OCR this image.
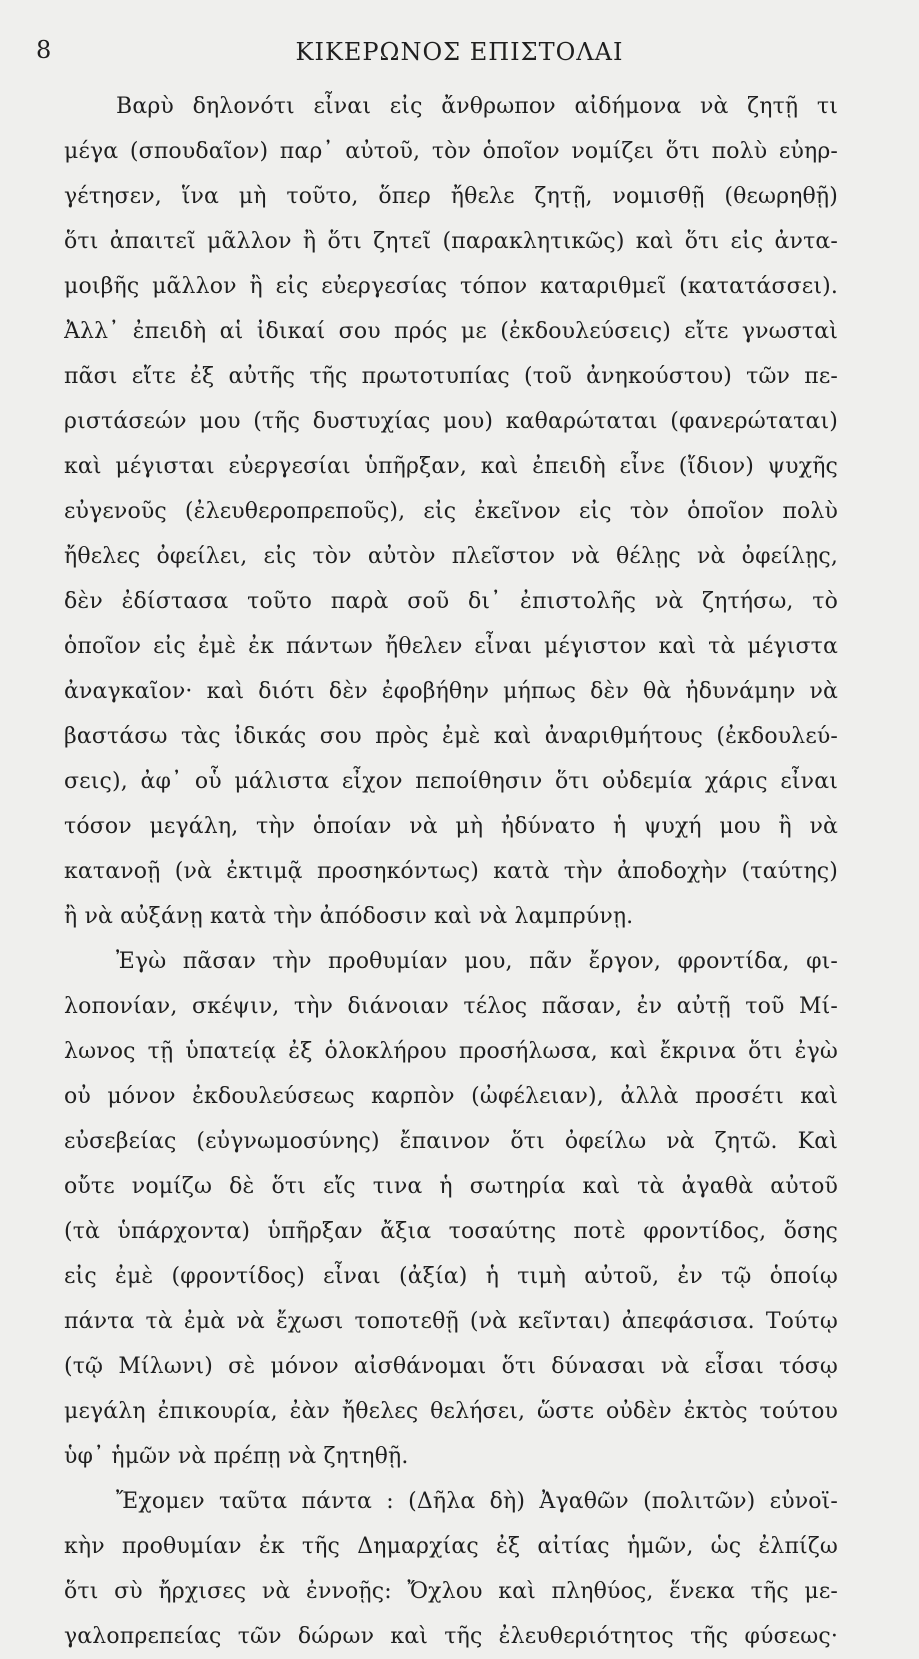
8	ΚΙΚΕΡΩΝΟΣ ΕΠΙΣΤΟΛΑΙ
Βαρὺ δηλονότι εἶναι εἰς ἄνθρωπον αἰδήμονα νὰ ζητῇ τι
μέγα (σπουδαῖον) παρ᾽ αὐτοῦ, τὸν ὁποῖον νομίζει ὅτι πολὺ εὐηρ-
γέτησεν, ἵνα μὴ τοῦτο, ὅπερ ἤθελε ζητῇ, νομισθῇ (θεωρηθῇ)
ὅτι ἀπαιτεῖ μᾶλλον ἢ ὅτι ζητεῖ (παρακλητικῶς) καὶ ὅτι εἰς ἀντα-
μοιβῆς μᾶλλον ἢ εἰς εὐεργεσίας τόπον καταριθμεῖ (κατατάσσει).
Ἀλλ᾽ ἐπειδὴ αἱ ἰδικαί σου πρός με (ἐκδουλεύσεις) εἴτε γνωσταὶ
πᾶσι εἴτε ἐξ αὐτῆς τῆς πρωτοτυπίας (τοῦ ἀνηκούστου) τῶν πε-
ριστάσεών μου (τῆς δυστυχίας μου) καθαρώταται (φανερώταται)
καὶ μέγισται εὐεργεσίαι ὑπῆρξαν, καὶ ἐπειδὴ εἶνε (ἴδιον) ψυχῆς
εὐγενοῦς (ἐλευθεροπρεποῦς), εἰς ἐκεῖνον εἰς τὸν ὁποῖον πολὺ
ἤθελες ὀφείλει, εἰς τὸν αὐτὸν πλεῖστον νὰ θέλῃς νὰ ὀφείλῃς,
δὲν ἐδίστασα τοῦτο παρὰ σοῦ δι᾽ ἐπιστολῆς νὰ ζητήσω, τὸ
ὁποῖον εἰς ἐμὲ ἐκ πάντων ἤθελεν εἶναι μέγιστον καὶ τὰ μέγιστα
ἀναγκαῖον· καὶ διότι δὲν ἐφοβήθην μήπως δὲν θὰ ἠδυνάμην νὰ
βαστάσω τὰς ἰδικάς σου πρὸς ἐμὲ καὶ ἀναριθμήτους (ἐκδουλεύ-
σεις), ἀφ᾽ οὗ μάλιστα εἶχον πεποίθησιν ὅτι οὐδεμία χάρις εἶναι
τόσον μεγάλη, τὴν ὁποίαν νὰ μὴ ἠδύνατο ἡ ψυχή μου ἢ νὰ
κατανοῇ (νὰ ἐκτιμᾷ προσηκόντως) κατὰ τὴν ἀποδοχὴν (ταύτης)
ἢ νὰ αὐξάνῃ κατὰ τὴν ἀπόδοσιν καὶ νὰ λαμπρύνῃ.
Ἐγὼ πᾶσαν τὴν προθυμίαν μου, πᾶν ἔργον, φροντίδα, φι-
λοπονίαν, σκέψιν, τὴν διάνοιαν τέλος πᾶσαν, ἐν αὐτῇ τοῦ Μί-
λωνος τῇ ὑπατείᾳ ἐξ ὁλοκλήρου προσήλωσα, καὶ ἔκρινα ὅτι ἐγὼ
οὐ μόνον ἐκδουλεύσεως καρπὸν (ὠφέλειαν), ἀλλὰ προσέτι καὶ
εὐσεβείας (εὐγνωμοσύνης) ἔπαινον ὅτι ὀφείλω νὰ ζητῶ. Καὶ
οὔτε νομίζω δὲ ὅτι εἴς τινα ἡ σωτηρία καὶ τὰ ἀγαθὰ αὐτοῦ
(τὰ ὑπάρχοντα) ὑπῆρξαν ἄξια τοσαύτης ποτὲ φροντίδος, ὅσης
εἰς ἐμὲ (φροντίδος) εἶναι (ἀξία) ἡ τιμὴ αὐτοῦ, ἐν τῷ ὁποίῳ
πάντα τὰ ἐμὰ νὰ ἔχωσι τοποτεθῇ (νὰ κεῖνται) ἀπεφάσισα. Τούτῳ
(τῷ Μίλωνι) σὲ μόνον αἰσθάνομαι ὅτι δύνασαι νὰ εἶσαι τόσῳ
μεγάλη ἐπικουρία, ἐὰν ἤθελες θελήσει, ὥστε οὐδὲν ἐκτὸς τούτου
ὑφ᾽ ἡμῶν νὰ πρέπῃ νὰ ζητηθῇ.
Ἔχομεν ταῦτα πάντα : (Δῆλα δὴ) Ἀγαθῶν (πολιτῶν) εὐνοϊ-
κὴν προθυμίαν ἐκ τῆς Δημαρχίας ἐξ αἰτίας ἡμῶν, ὡς ἐλπίζω
ὅτι σὺ ἤρχισες νὰ ἐννοῇς: Ὄχλου καὶ πληθύος, ἕνεκα τῆς με-
γαλοπρεπείας τῶν δώρων καὶ τῆς ἐλευθεριότητος τῆς φύσεως·
